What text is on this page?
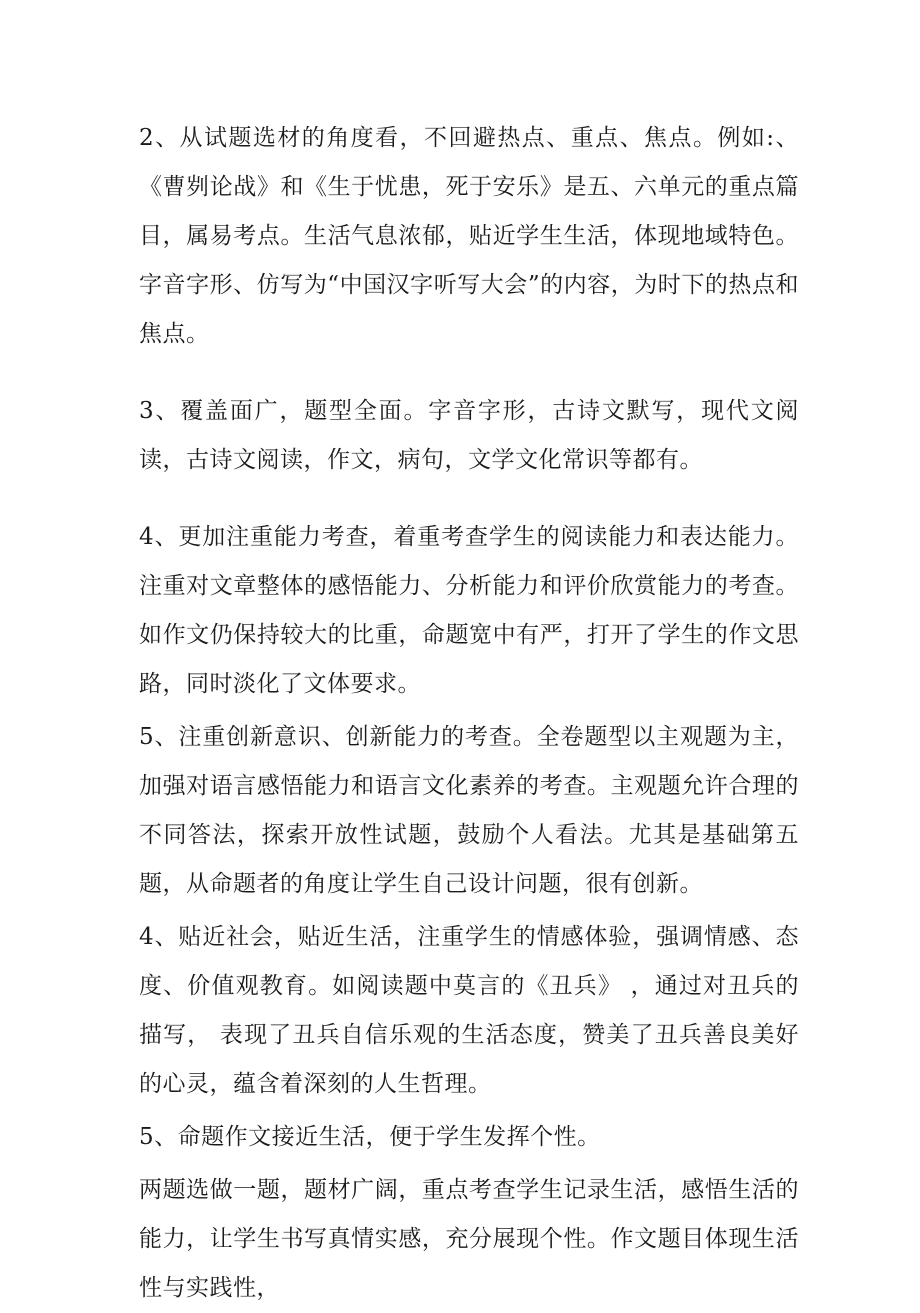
2、从试题选材的角度看，不回避热点、重点、焦点。例如:、《曹刿论战》和《生于忧患，死于安乐》是五、六单元的重点篇目，属易考点。生活气息浓郁，贴近学生生活，体现地域特色。字音字形、仿写为“中国汉字听写大会”的内容，为时下的热点和焦点。

3、覆盖面广，题型全面。字音字形，古诗文默写，现代文阅读，古诗文阅读，作文，病句，文学文化常识等都有。

4、更加注重能力考查，着重考查学生的阅读能力和表达能力。注重对文章整体的感悟能力、分析能力和评价欣赏能力的考查。如作文仍保持较大的比重，命题宽中有严，打开了学生的作文思路，同时淡化了文体要求。

5、注重创新意识、创新能力的考查。全卷题型以主观题为主， 加强对语言感悟能力和语言文化素养的考查。主观题允许合理的不同答法，探索开放性试题，鼓励个人看法。尤其是基础第五题，从命题者的角度让学生自己设计问题，很有创新。

4、贴近社会，贴近生活，注重学生的情感体验，强调情感、态度、价值观教育。如阅读题中莫言的《丑兵》 ，通过对丑兵的描写， 表现了丑兵自信乐观的生活态度，赞美了丑兵善良美好的心灵，蕴含着深刻的人生哲理。

5、命题作文接近生活，便于学生发挥个性。

两题选做一题，题材广阔，重点考查学生记录生活，感悟生活的能力，让学生书写真情实感，充分展现个性。作文题目体现生活性与实践性，
